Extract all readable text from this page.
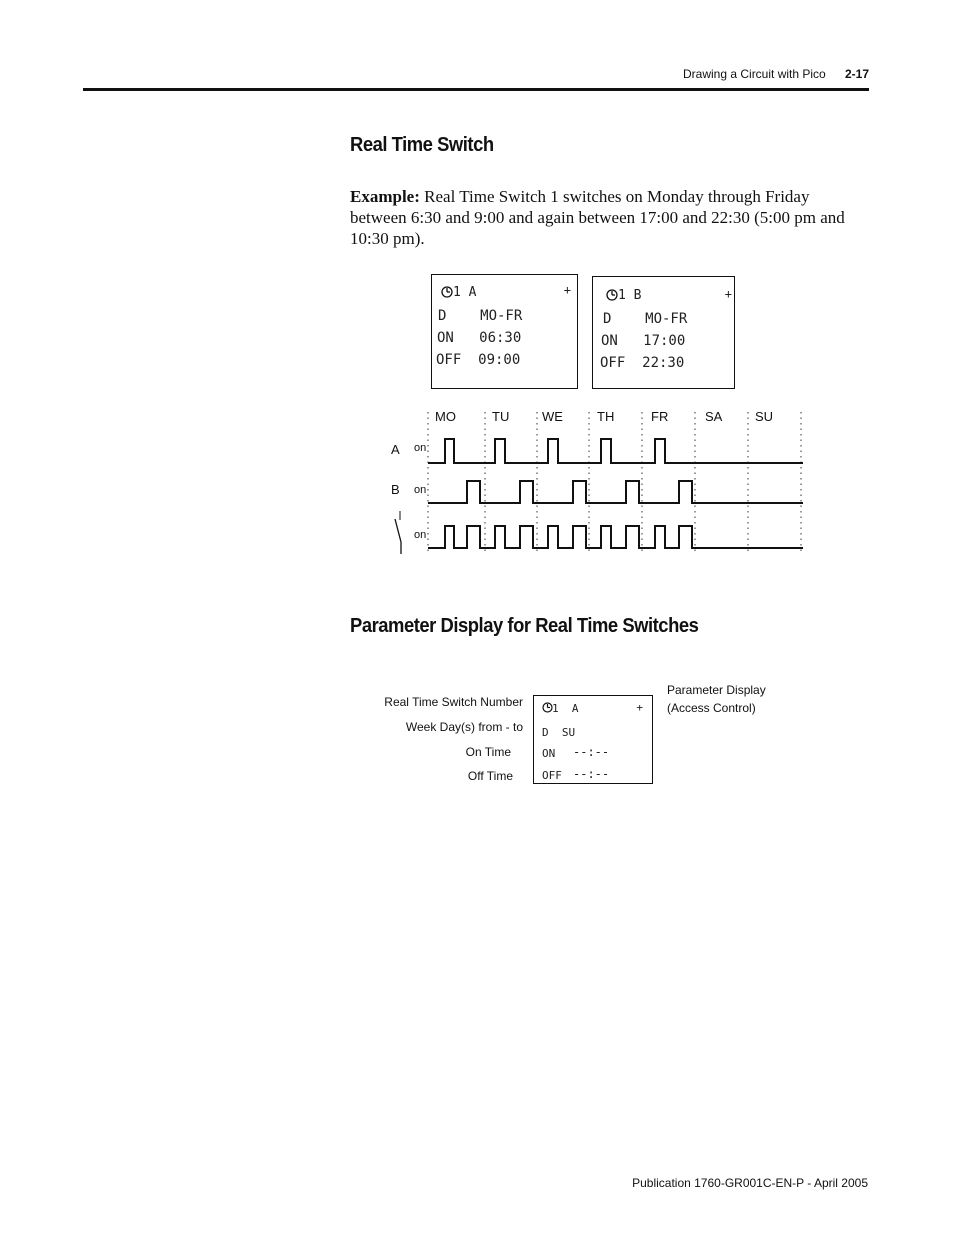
Drawing a Circuit with Pico 2-17
Real Time Switch
Example: Real Time Switch 1 switches on Monday through Friday between 6:30 and 9:00 and again between 17:00 and 22:30 (5:00 pm and 10:30 pm).
1 A	+
D    MO-FR
ON   06:30
OFF  09:00
1 B	+
D    MO-FR
ON   17:00
OFF  22:30
MO	TU	WE	TH	FR	SA	SU
A on
B on
on
Parameter Display for Real Time Switches
Real Time Switch Number
Week Day(s) from - to
On Time
Off Time
Parameter Display
(Access Control)
1  A	+
D  SU
ON --:--
OFF --:--
Publication 1760-GR001C-EN-P - April 2005
